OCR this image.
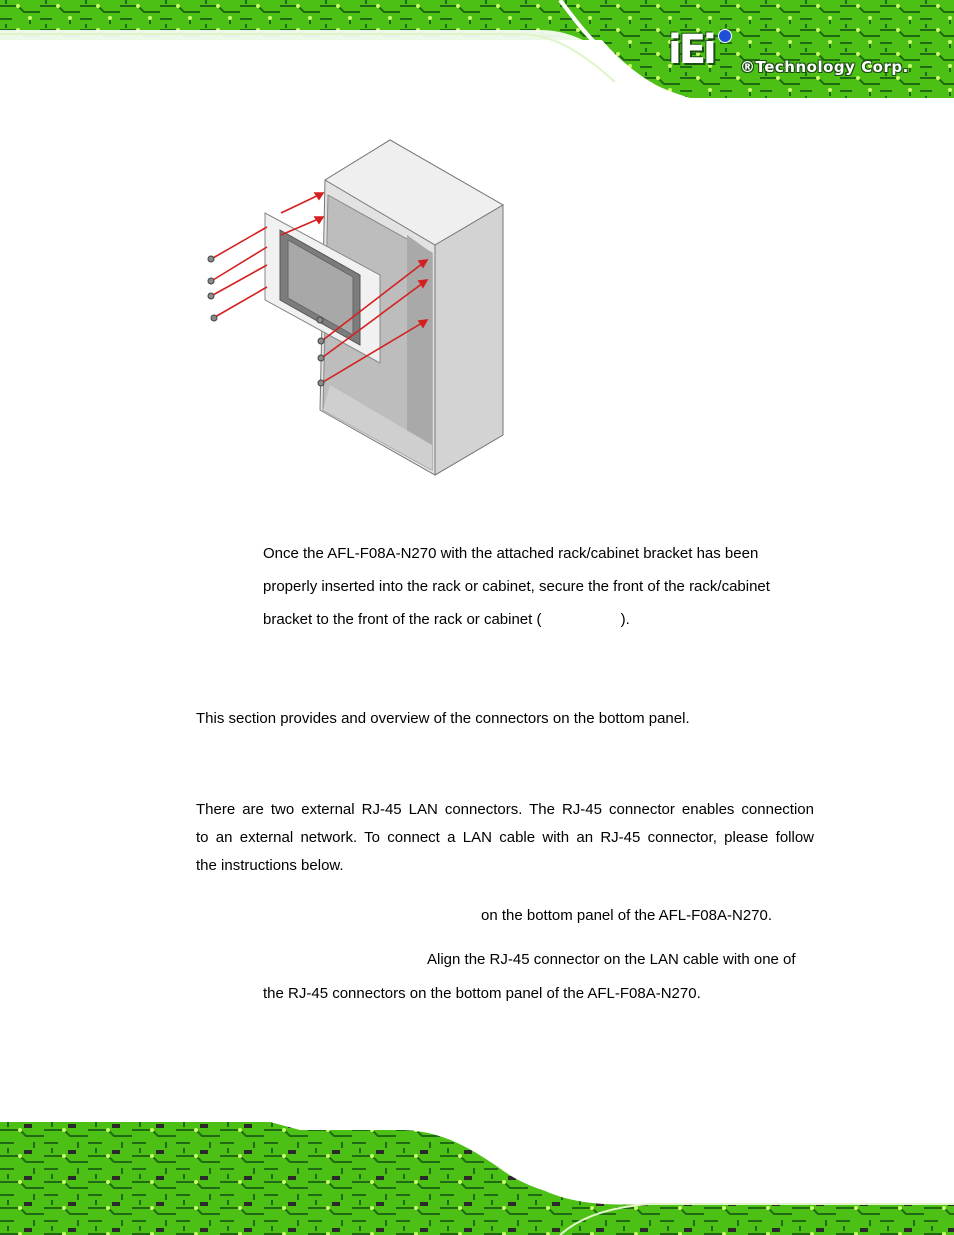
iEi ®Technology Corp.
Once the AFL-F08A-N270 with the attached rack/cabinet bracket has been
properly inserted into the rack or cabinet, secure the front of the rack/cabinet
bracket to the front of the rack or cabinet (                   ).
This section provides and overview of the connectors on the bottom panel.
There are two external RJ-45 LAN connectors. The RJ-45 connector enables connection
to an external network. To connect a LAN cable with an RJ-45 connector, please follow
the instructions below.
on the bottom panel of the AFL-F08A-N270.
Align the RJ-45 connector on the LAN cable with one of
the RJ-45 connectors on the bottom panel of the AFL-F08A-N270.
